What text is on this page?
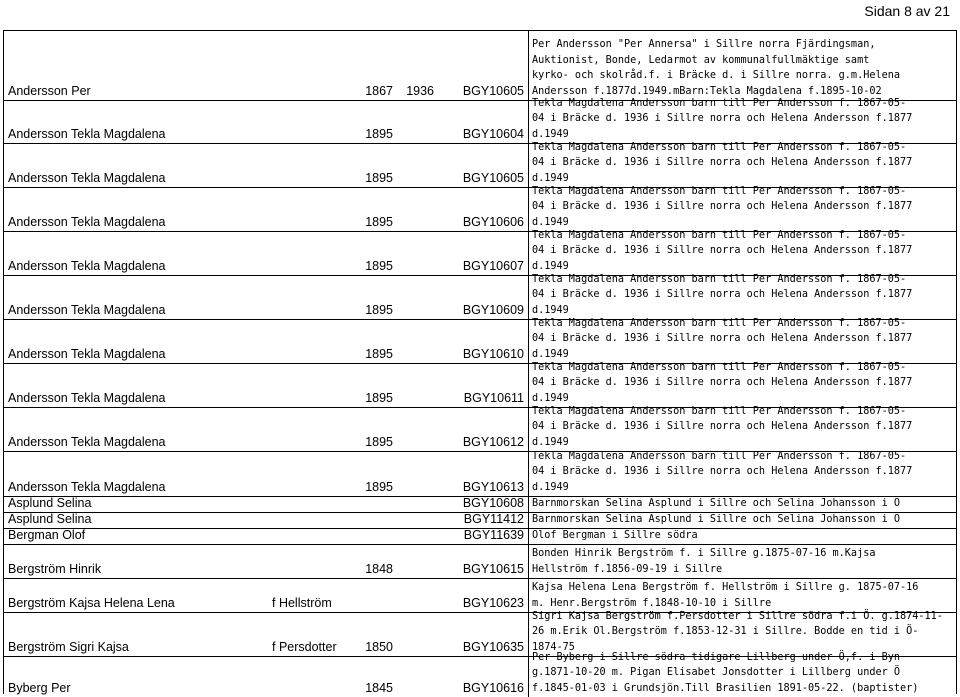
Sidan 8 av 21
Andersson Per	1867	1936	BGY10605
Per Andersson "Per Annersa" i Sillre norra Fjärdingsman,
Auktionist, Bonde, Ledarmot av kommunalfullmäktige samt
kyrko- och skolråd.f. i Bräcke d. i Sillre norra. g.m.Helena
Andersson f.1877d.1949.mBarn:Tekla Magdalena f.1895-10-02
Andersson Tekla Magdalena	1895	BGY10604
Tekla Magdalena Andersson barn till Per Andersson f. 1867-05-
04 i Bräcke d. 1936 i Sillre norra och Helena Andersson f.1877
d.1949
Andersson Tekla Magdalena	1895	BGY10605
Tekla Magdalena Andersson barn till Per Andersson f. 1867-05-
04 i Bräcke d. 1936 i Sillre norra och Helena Andersson f.1877
d.1949
Andersson Tekla Magdalena	1895	BGY10606
Tekla Magdalena Andersson barn till Per Andersson f. 1867-05-
04 i Bräcke d. 1936 i Sillre norra och Helena Andersson f.1877
d.1949
Andersson Tekla Magdalena	1895	BGY10607
Tekla Magdalena Andersson barn till Per Andersson f. 1867-05-
04 i Bräcke d. 1936 i Sillre norra och Helena Andersson f.1877
d.1949
Andersson Tekla Magdalena	1895	BGY10609
Tekla Magdalena Andersson barn till Per Andersson f. 1867-05-
04 i Bräcke d. 1936 i Sillre norra och Helena Andersson f.1877
d.1949
Andersson Tekla Magdalena	1895	BGY10610
Tekla Magdalena Andersson barn till Per Andersson f. 1867-05-
04 i Bräcke d. 1936 i Sillre norra och Helena Andersson f.1877
d.1949
Andersson Tekla Magdalena	1895	BGY10611
Tekla Magdalena Andersson barn till Per Andersson f. 1867-05-
04 i Bräcke d. 1936 i Sillre norra och Helena Andersson f.1877
d.1949
Andersson Tekla Magdalena	1895	BGY10612
Tekla Magdalena Andersson barn till Per Andersson f. 1867-05-
04 i Bräcke d. 1936 i Sillre norra och Helena Andersson f.1877
d.1949
Andersson Tekla Magdalena	1895	BGY10613
Tekla Magdalena Andersson barn till Per Andersson f. 1867-05-
04 i Bräcke d. 1936 i Sillre norra och Helena Andersson f.1877
d.1949
Asplund Selina	BGY10608 Barnmorskan Selina Asplund i Sillre och Selina Johansson i Ö
Asplund Selina	BGY11412 Barnmorskan Selina Asplund i Sillre och Selina Johansson i Ö
Bergman Olof	BGY11639 Olof Bergman i Sillre södra
Bergström Hinrik	1848	BGY10615
Bonden Hinrik Bergström f. i Sillre g.1875-07-16 m.Kajsa
Hellström f.1856-09-19 i Sillre
Bergström Kajsa Helena Lena	f Hellström	BGY10623
Kajsa Helena Lena Bergström f. Hellström i Sillre g. 1875-07-16
m. Henr.Bergström f.1848-10-10 i Sillre
Bergström Sigri Kajsa	f Persdotter	1850	BGY10635
Sigri Kajsa Bergström f.Persdotter i Sillre södra f.i Ö. g.1874-11-
26 m.Erik Ol.Bergström f.1853-12-31 i Sillre. Bodde en tid i Ö-
1874-75
Byberg Per	1845	BGY10616
Per Byberg i Sillre södra tidigare Lillberg under Ö,f. i Byn
g.1871-10-20 m. Pigan Elisabet Jonsdotter i Lillberg under Ö
f.1845-01-03 i Grundsjön.Till Brasilien 1891-05-22. (baptister)
